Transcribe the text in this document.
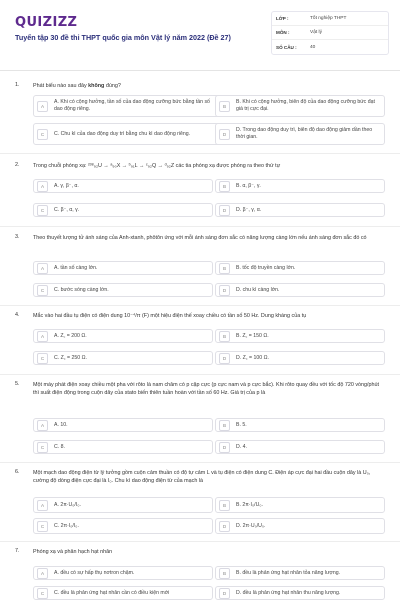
QUIZIZZ
Tuyển tập 30 đề thi THPT quốc gia môn Vật lý năm 2022 (Đề 27)
LỚP :	Tốt nghiệp THPT
MÔN :	Vật lý
SỐ CÂU :	40
1.	Phát biểu nào sau đây không đúng?
A
A. Khi có cộng hưởng, tần số của dao động cưỡng bức bằng tần số dao động riêng.	B
B. Khi có cộng hưởng, biên độ của dao động cưỡng bức đạt giá trị cực đại.
C	C. Chu kì của dao động duy trì bằng chu kì dao động riêng.	D
D. Trong dao động duy trì, biên độ dao động giảm dần theo thời gian.
2.	Trong chuỗi phóng xạ: ²³⁸₉₂U → ᵃ₉₀X → ᵇ₉₁L → ᶜ₉₂Q → ᵈ₉₂Z các tia phóng xạ được phóng ra theo thứ tự
A	A. γ, β⁻, α.	B	B. α, β⁻, γ.
C	C. β⁻, α, γ.	D	D. β⁻, γ, α.
3.	Theo thuyết lượng tử ánh sáng của Anh-xtanh, phôtôn ứng với mỗi ánh sáng đơn sắc có năng lượng càng lớn nếu ánh sáng đơn sắc đó có
A	A. tần số càng lớn.	B	B. tốc độ truyền càng lớn.
C	C. bước sóng càng lớn.	D	D. chu kì càng lớn.
4.	Mắc vào hai đầu tụ điện có điện dung 10⁻⁴/π (F) một hiệu điện thế xoay chiều có tần số 50 Hz. Dung kháng của tụ
A	A. Z꜀ = 200 Ω.	B	B. Z꜀ = 150 Ω.
C	C. Z꜀ = 250 Ω.	D	D. Z꜀ = 100 Ω.
5.	Một máy phát điện xoay chiều một pha với rôto là nam châm có p cặp cực (p cực nam và p cực bắc). Khi rôto quay đều với tốc độ 720 vòng/phút thì suất điện động trong cuộn dây của stato biến thiên tuần hoàn với tần số 60 Hz. Giá trị của p là
A	A. 10.	B	B. 5.
C	C. 8.	D	D. 4.
6.	Một mạch dao động điện từ lý tưởng gồm cuộn cảm thuần có độ tự cảm L và tụ điện có điện dung C. Điện áp cực đại hai đầu cuộn dây là U₀, cường độ dòng điện cực đại là I₀. Chu kì dao động điện từ của mạch là
A	A. 2π·U₀/I₀.	B	B. 2π·I₀/U₀.
C	C. 2π·I₀/I₀.	D	D. 2π·U₀/U₀.
7.	Phóng xạ và phân hạch hạt nhân
A	A. đều có sự hấp thụ nơtron chậm.	B	B. đều là phản ứng hạt nhân tỏa năng lượng.
C	C. đều là phản ứng hạt nhân cần có điều kiện mới	D	D. đều là phản ứng hạt nhân thu năng lượng.
